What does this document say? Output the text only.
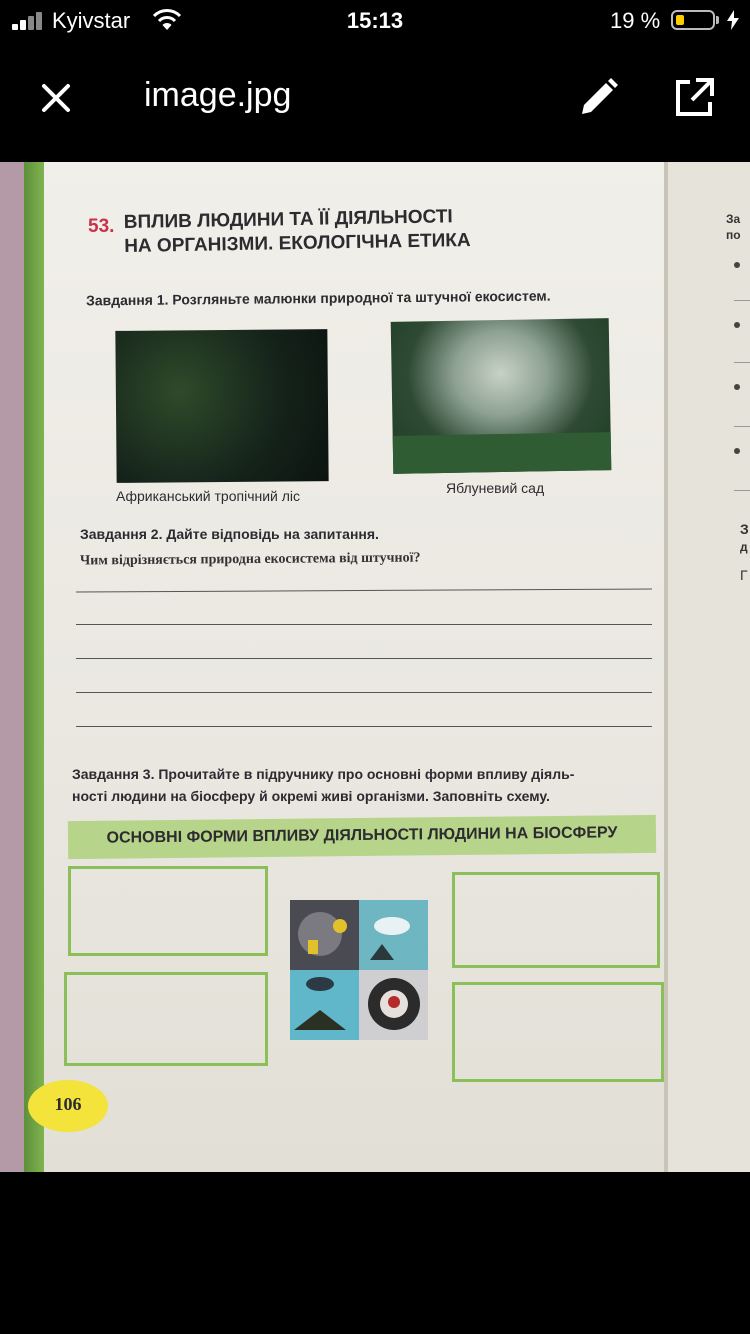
Kyivstar	15:13	19 %
image.jpg
За
по
З
д
Г
53. ВПЛИВ ЛЮДИНИ ТА ЇЇ ДІЯЛЬНОСТІ
НА ОРГАНІЗМИ. ЕКОЛОГІЧНА ЕТИКА
Завдання 1. Розгляньте малюнки природної та штучної екосистем.
Африканський тропічний ліс	Яблуневий сад
Завдання 2. Дайте відповідь на запитання.
Чим відрізняється природна екосистема від штучної?
Завдання 3. Прочитайте в підручнику про основні форми впливу діяль-
ності людини на біосферу й окремі живі організми. Заповніть схему.
ОСНОВНІ ФОРМИ ВПЛИВУ ДІЯЛЬНОСТІ ЛЮДИНИ НА БІОСФЕРУ
106
